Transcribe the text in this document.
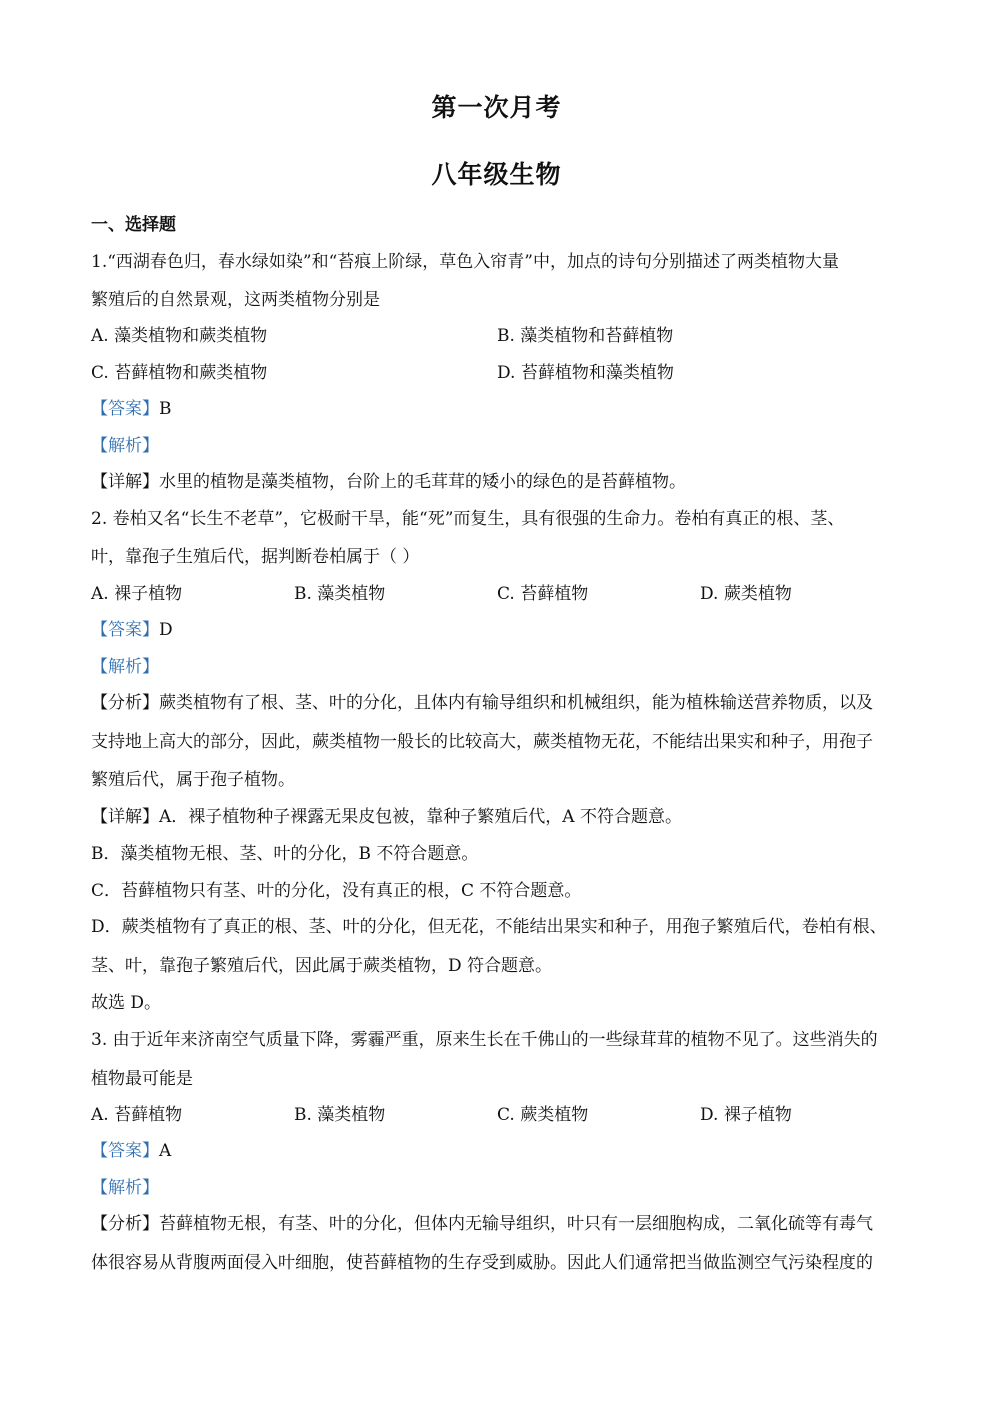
第一次月考
八年级生物
一、选择题
1.“西湖春色归，春水绿如染”和“苔痕上阶绿，草色入帘青”中，加点的诗句分别描述了两类植物大量
繁殖后的自然景观，这两类植物分别是
A. 藻类植物和蕨类植物	B. 藻类植物和苔藓植物
C. 苔藓植物和蕨类植物	D. 苔藓植物和藻类植物
【答案】B
【解析】
【详解】水里的植物是藻类植物，台阶上的毛茸茸的矮小的绿色的是苔藓植物。
2. 卷柏又名“长生不老草”，它极耐干旱，能“死”而复生，具有很强的生命力。卷柏有真正的根、茎、
叶，靠孢子生殖后代，据判断卷柏属于（ ）
A. 裸子植物	B. 藻类植物	C. 苔藓植物	D. 蕨类植物
【答案】D
【解析】
【分析】蕨类植物有了根、茎、叶的分化，且体内有输导组织和机械组织，能为植株输送营养物质，以及
支持地上高大的部分，因此，蕨类植物一般长的比较高大，蕨类植物无花，不能结出果实和种子，用孢子
繁殖后代，属于孢子植物。
【详解】A．裸子植物种子裸露无果皮包被，靠种子繁殖后代，A 不符合题意。
B．藻类植物无根、茎、叶的分化，B 不符合题意。
C．苔藓植物只有茎、叶的分化，没有真正的根，C 不符合题意。
D．蕨类植物有了真正的根、茎、叶的分化，但无花，不能结出果实和种子，用孢子繁殖后代，卷柏有根、
茎、叶，靠孢子繁殖后代，因此属于蕨类植物，D 符合题意。
故选 D。
3. 由于近年来济南空气质量下降，雾霾严重，原来生长在千佛山的一些绿茸茸的植物不见了。这些消失的
植物最可能是
A. 苔藓植物	B. 藻类植物	C. 蕨类植物	D. 裸子植物
【答案】A
【解析】
【分析】苔藓植物无根，有茎、叶的分化，但体内无输导组织，叶只有一层细胞构成，二氧化硫等有毒气
体很容易从背腹两面侵入叶细胞，使苔藓植物的生存受到威胁。因此人们通常把当做监测空气污染程度的
